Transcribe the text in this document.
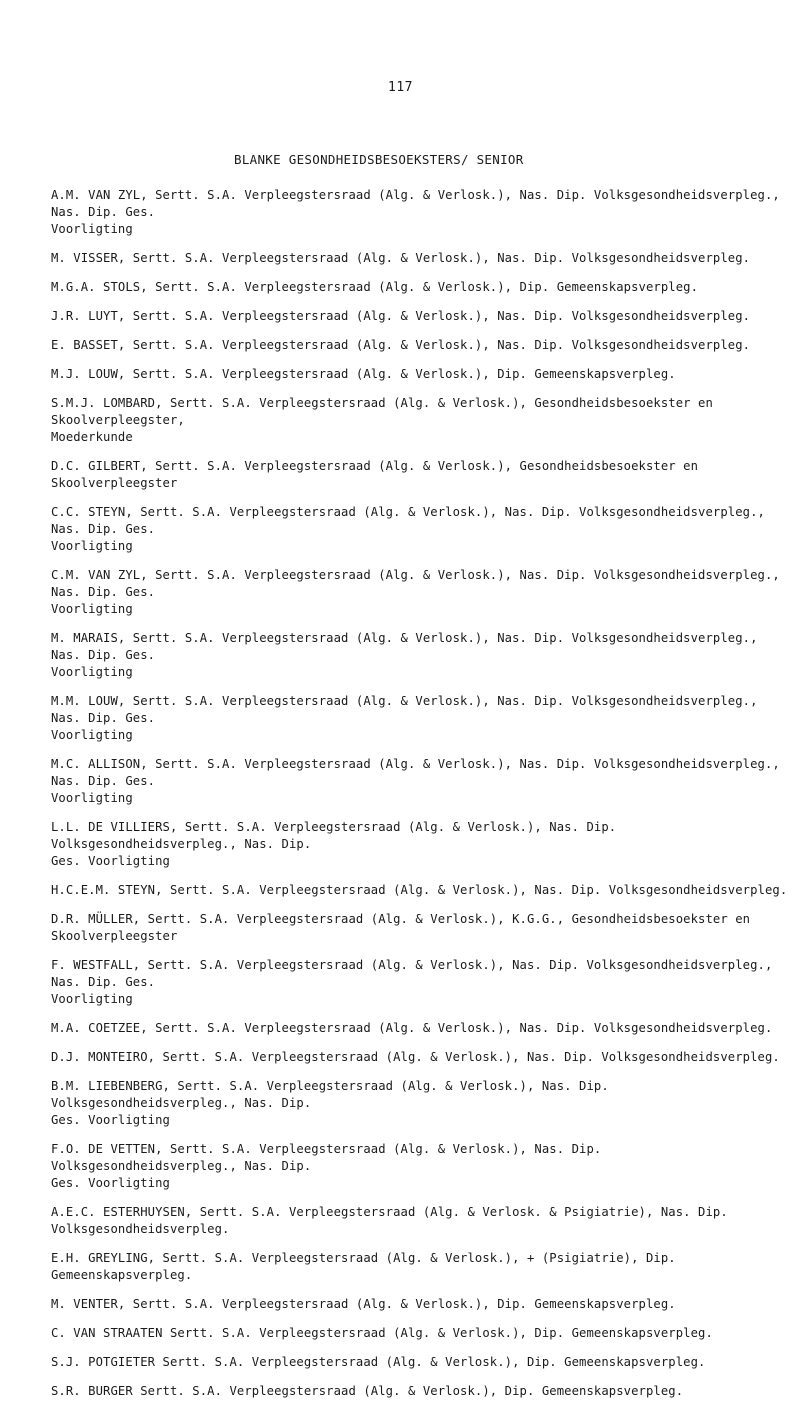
117
BLANKE GESONDHEIDSBESOEKSTERS/ SENIOR
A.M. VAN ZYL, Sertt. S.A. Verpleegstersraad (Alg. & Verlosk.), Nas. Dip. Volksgesondheidsverpleg., Nas. Dip. Ges.
Voorligting
M. VISSER, Sertt. S.A. Verpleegstersraad (Alg. & Verlosk.), Nas. Dip. Volksgesondheidsverpleg.
M.G.A. STOLS, Sertt. S.A. Verpleegstersraad (Alg. & Verlosk.), Dip. Gemeenskapsverpleg.
J.R. LUYT, Sertt. S.A. Verpleegstersraad (Alg. & Verlosk.), Nas. Dip. Volksgesondheidsverpleg.
E. BASSET, Sertt. S.A. Verpleegstersraad (Alg. & Verlosk.), Nas. Dip. Volksgesondheidsverpleg.
M.J. LOUW, Sertt. S.A. Verpleegstersraad (Alg. & Verlosk.), Dip. Gemeenskapsverpleg.
S.M.J. LOMBARD, Sertt. S.A. Verpleegstersraad (Alg. & Verlosk.), Gesondheidsbesoekster en Skoolverpleegster,
Moederkunde
D.C. GILBERT, Sertt. S.A. Verpleegstersraad (Alg. & Verlosk.), Gesondheidsbesoekster en Skoolverpleegster
C.C. STEYN, Sertt. S.A. Verpleegstersraad (Alg. & Verlosk.), Nas. Dip. Volksgesondheidsverpleg., Nas. Dip. Ges.
Voorligting
C.M. VAN ZYL, Sertt. S.A. Verpleegstersraad (Alg. & Verlosk.), Nas. Dip. Volksgesondheidsverpleg., Nas. Dip. Ges.
Voorligting
M. MARAIS, Sertt. S.A. Verpleegstersraad (Alg. & Verlosk.), Nas. Dip. Volksgesondheidsverpleg., Nas. Dip. Ges.
Voorligting
M.M. LOUW, Sertt. S.A. Verpleegstersraad (Alg. & Verlosk.), Nas. Dip. Volksgesondheidsverpleg., Nas. Dip. Ges.
Voorligting
M.C. ALLISON, Sertt. S.A. Verpleegstersraad (Alg. & Verlosk.), Nas. Dip. Volksgesondheidsverpleg., Nas. Dip. Ges.
Voorligting
L.L. DE VILLIERS, Sertt. S.A. Verpleegstersraad (Alg. & Verlosk.), Nas. Dip. Volksgesondheidsverpleg., Nas. Dip.
Ges. Voorligting
H.C.E.M. STEYN, Sertt. S.A. Verpleegstersraad (Alg. & Verlosk.), Nas. Dip. Volksgesondheidsverpleg.
D.R. MÜLLER, Sertt. S.A. Verpleegstersraad (Alg. & Verlosk.), K.G.G., Gesondheidsbesoekster en Skoolverpleegster
F. WESTFALL, Sertt. S.A. Verpleegstersraad (Alg. & Verlosk.), Nas. Dip. Volksgesondheidsverpleg., Nas. Dip. Ges.
Voorligting
M.A. COETZEE, Sertt. S.A. Verpleegstersraad (Alg. & Verlosk.), Nas. Dip. Volksgesondheidsverpleg.
D.J. MONTEIRO, Sertt. S.A. Verpleegstersraad (Alg. & Verlosk.), Nas. Dip. Volksgesondheidsverpleg.
B.M. LIEBENBERG, Sertt. S.A. Verpleegstersraad (Alg. & Verlosk.), Nas. Dip. Volksgesondheidsverpleg., Nas. Dip.
Ges. Voorligting
F.O. DE VETTEN, Sertt. S.A. Verpleegstersraad (Alg. & Verlosk.), Nas. Dip. Volksgesondheidsverpleg., Nas. Dip.
Ges. Voorligting
A.E.C. ESTERHUYSEN, Sertt. S.A. Verpleegstersraad (Alg. & Verlosk. & Psigiatrie), Nas. Dip. Volksgesondheidsverpleg.
E.H. GREYLING, Sertt. S.A. Verpleegstersraad (Alg. & Verlosk.), + (Psigiatrie), Dip. Gemeenskapsverpleg.
M. VENTER, Sertt. S.A. Verpleegstersraad (Alg. & Verlosk.), Dip. Gemeenskapsverpleg.
C. VAN STRAATEN Sertt. S.A. Verpleegstersraad (Alg. & Verlosk.), Dip. Gemeenskapsverpleg.
S.J. POTGIETER Sertt. S.A. Verpleegstersraad (Alg. & Verlosk.), Dip. Gemeenskapsverpleg.
S.R. BURGER Sertt. S.A. Verpleegstersraad (Alg. & Verlosk.), Dip. Gemeenskapsverpleg.
